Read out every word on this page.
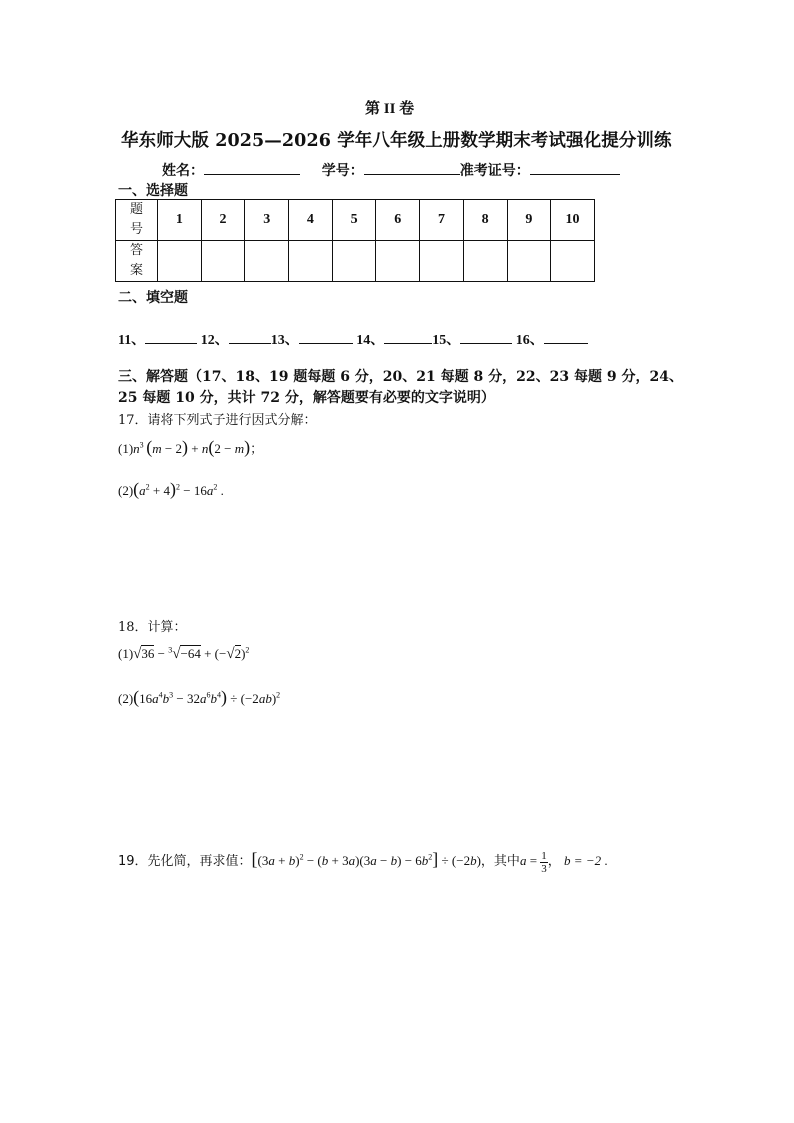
第 II 卷
华东师大版 2025—2026 学年八年级上册数学期末考试强化提分训练
姓名：	学号：	准考证号：
一、选择题
题
号	1	2	3	4	5	6	7	8	9	10

答
案										

二、填空题
11、	12、	13、	14、	15、	16、
三、解答题（17、18、19 题每题 6 分，20、21 每题 8 分，22、23 每题 9 分，24、
25 每题 10 分，共计 72 分，解答题要有必要的文字说明）
17．请将下列式子进行因式分解：
$(1)n^3$  (m − 2) + n(2 − m)；
$(2)(a^2 + 4)^2 - 16a^2$ .
18．计算：
$(1)√36 - ^3√-64 + (-√2)^2$
$(2)(16a^4b^3 - 32a^6b^4) \div (-2ab)^2$
19．先化简，再求值：$[(3a + b)^2 - (b + 3a)(3a - b) - 6b^2] \div (-2b)$，其中$a = \frac{1}{3}$ ， b = −2 .
